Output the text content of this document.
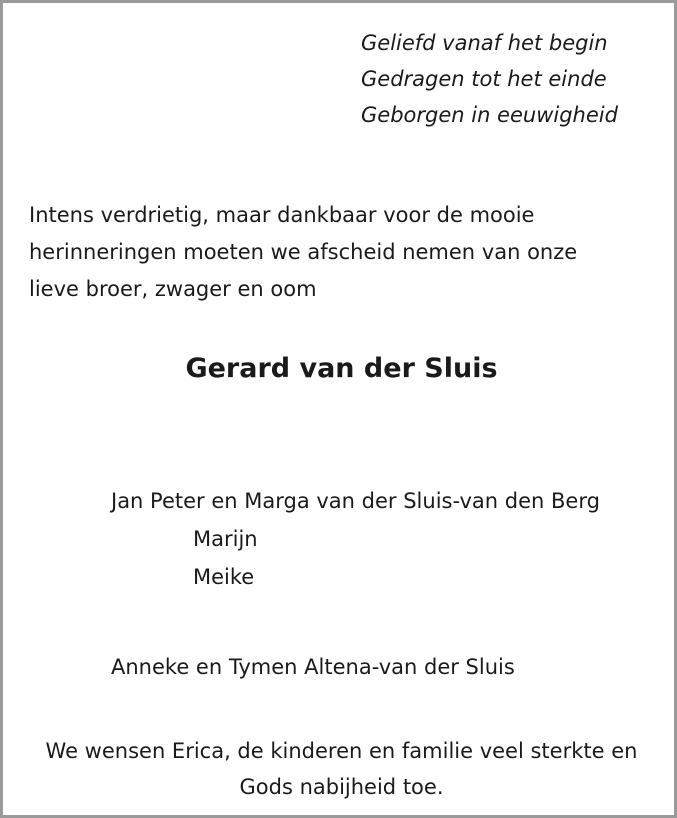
Geliefd vanaf het begin
Gedragen tot het einde
Geborgen in eeuwigheid
Intens verdrietig, maar dankbaar voor de mooie
herinneringen moeten we afscheid nemen van onze
lieve broer, zwager en oom
Gerard van der Sluis
Jan Peter en Marga van der Sluis-van den Berg
Marijn
Meike
Anneke en Tymen Altena-van der Sluis
We wensen Erica, de kinderen en familie veel sterkte en
Gods nabijheid toe.
